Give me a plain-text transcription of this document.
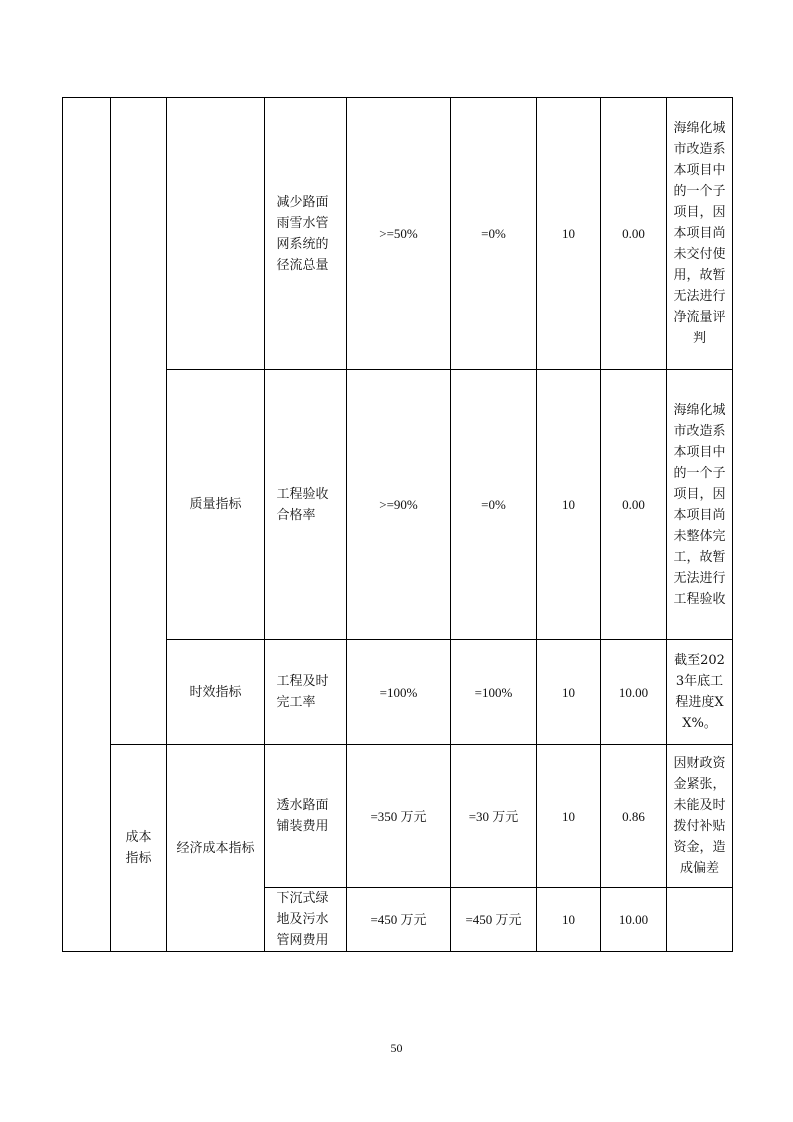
			减少路面雨雪水管网系统的径流总量	>=50%	=0%	10	0.00	海绵化城市改造系本项目中的一个子项目，因本项目尚未交付使用，故暂无法进行净流量评判

		质量指标	工程验收合格率	>=90%	=0%	10	0.00	海绵化城市改造系本项目中的一个子项目，因本项目尚未整体完工，故暂无法进行工程验收

		时效指标	工程及时完工率	=100%	=100%	10	10.00	截至2023年底工程进度XX%。

	成本指标	经济成本指标	透水路面铺装费用	=350 万元	=30 万元	10	0.86	因财政资金紧张，未能及时拨付补贴资金，造成偏差

			下沉式绿地及污水管网费用	=450 万元	=450 万元	10	10.00	
50
